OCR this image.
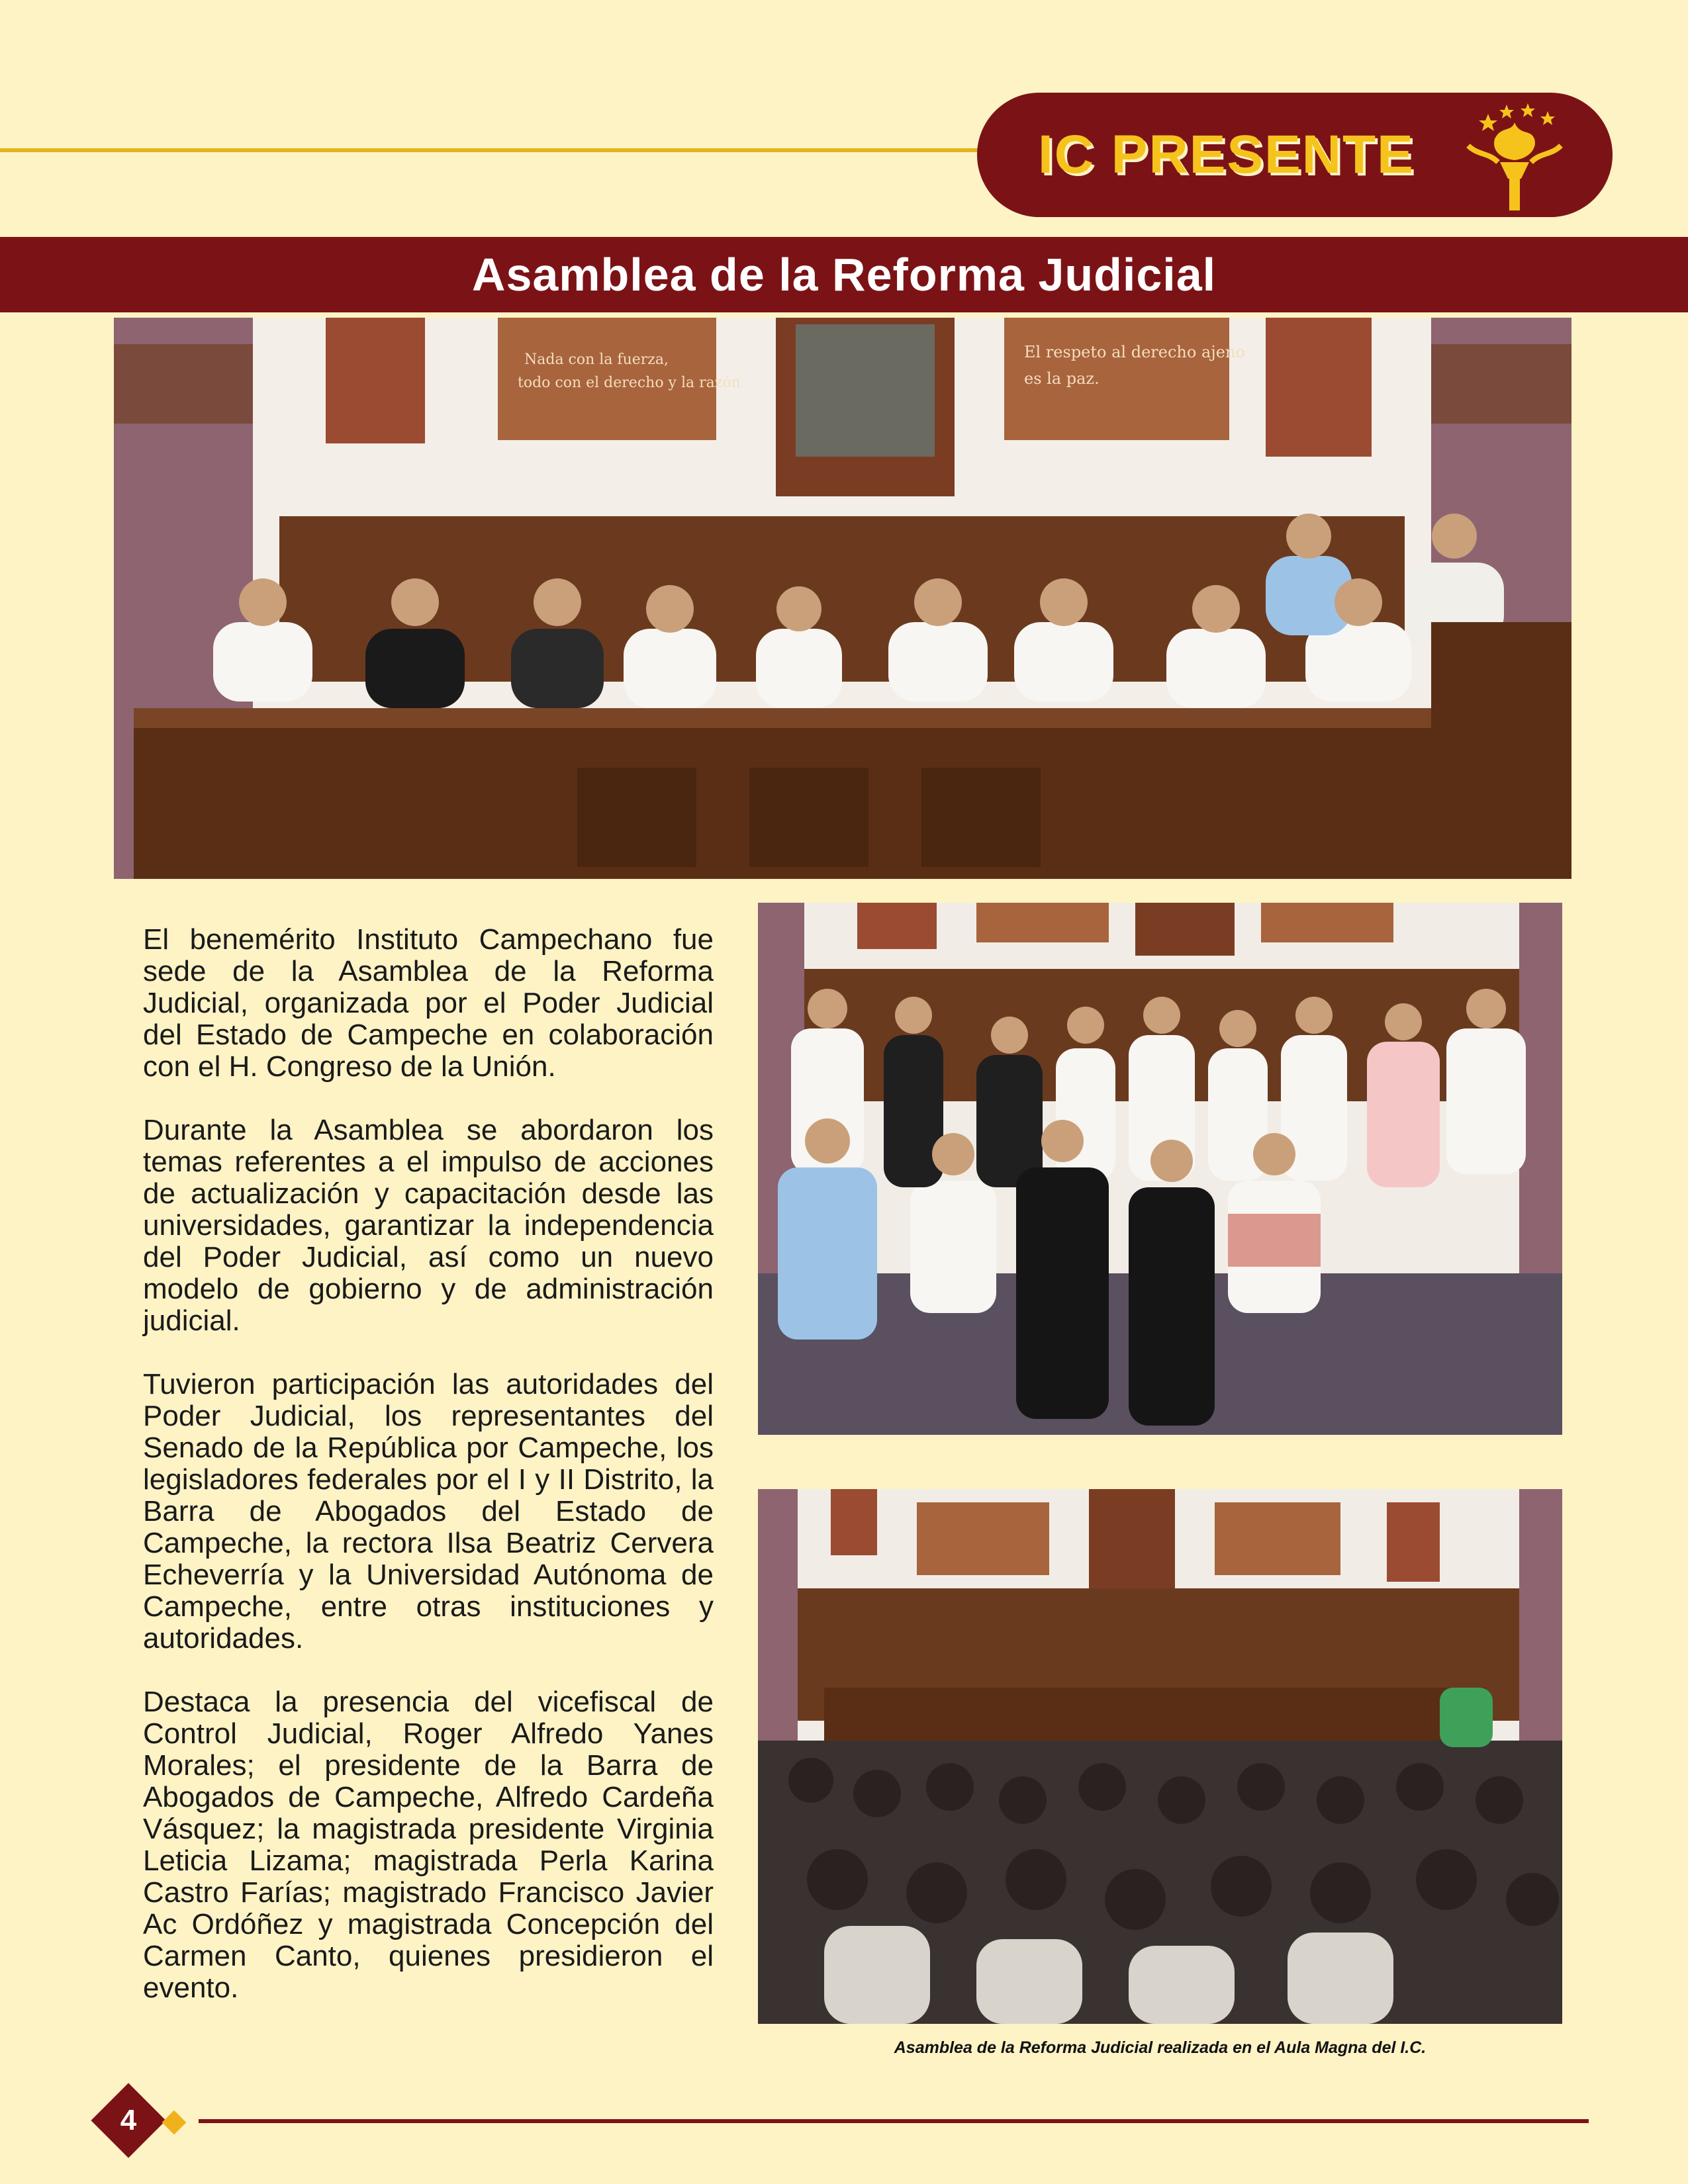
IC PRESENTE
Asamblea de la Reforma Judicial
Nada con la fuerza,
todo con el derecho y la razón
El respeto al derecho ajeno
es la paz.
Asamblea de la Reforma Judicial realizada en el Aula Magna del I.C.

El benemérito Instituto Campechano fue sede de la Asamblea de la Reforma Judicial, organizada por el Poder Judicial del Estado de Campeche en colaboración con el H. Congreso de la Unión.

Durante la Asamblea se abordaron los temas referentes a el impulso de acciones de actualización y capacitación desde las universidades, garantizar la independencia del Poder Judicial, así como un nuevo modelo de gobierno y de administración judicial.

Tuvieron participación las autoridades del Poder Judicial, los representantes del Senado de la República por Campeche, los legisladores federales por el I y II Distrito, la Barra de Abogados del Estado de Campeche, la rectora Ilsa Beatriz Cervera Echeverría y la Universidad Autónoma de Campeche, entre otras instituciones y autoridades.

Destaca la presencia del vicefiscal de Control Judicial, Roger Alfredo Yanes Morales; el presidente de la Barra de Abogados de Campeche, Alfredo Cardeña Vásquez; la magistrada presidente Virginia Leticia Lizama; magistrada Perla Karina Castro Farías; magistrado Francisco Javier Ac Ordóñez y magistrada Concepción del Carmen Canto, quienes presidieron el evento.

4
